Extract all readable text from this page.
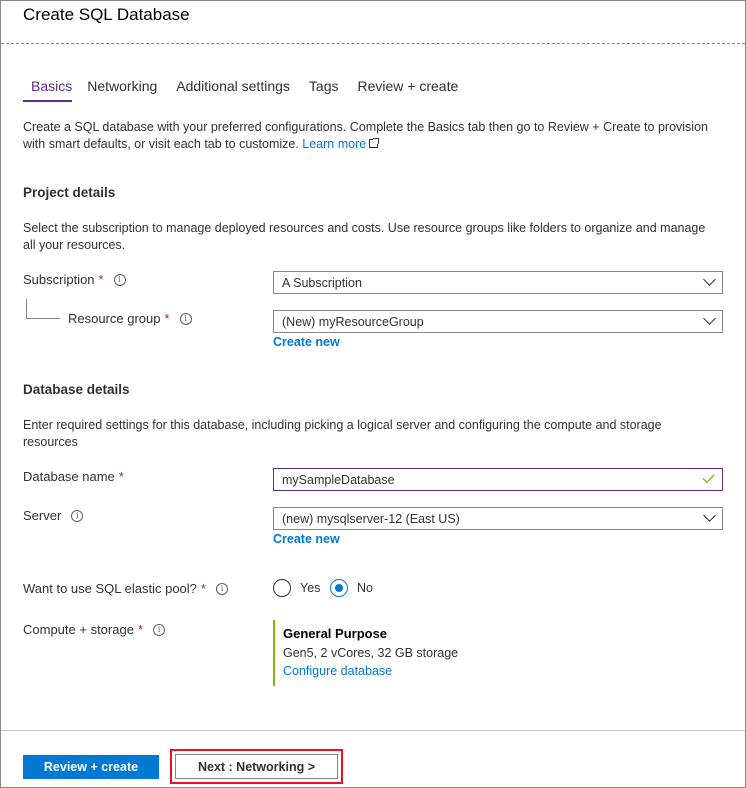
Create SQL Database
Basics Networking Additional settings Tags Review + create
Create a SQL database with your preferred configurations. Complete the Basics tab then go to Review + Create to provision with smart defaults, or visit each tab to customize. Learn more
Project details
Select the subscription to manage deployed resources and costs. Use resource groups like folders to organize and manage all your resources.
Subscription *	i	A Subscription
Resource group *	i	(New) myResourceGroup
Create new
Database details
Enter required settings for this database, including picking a logical server and configuring the compute and storage resources
Database name *	mySampleDatabase
Server	i	(new) mysqlserver-12 (East US)
Create new
Want to use SQL elastic pool? *	i	Yes	No
Compute + storage *	i	General Purpose
Gen5, 2 vCores, 32 GB storage
Configure database
Review + create	Next : Networking >
